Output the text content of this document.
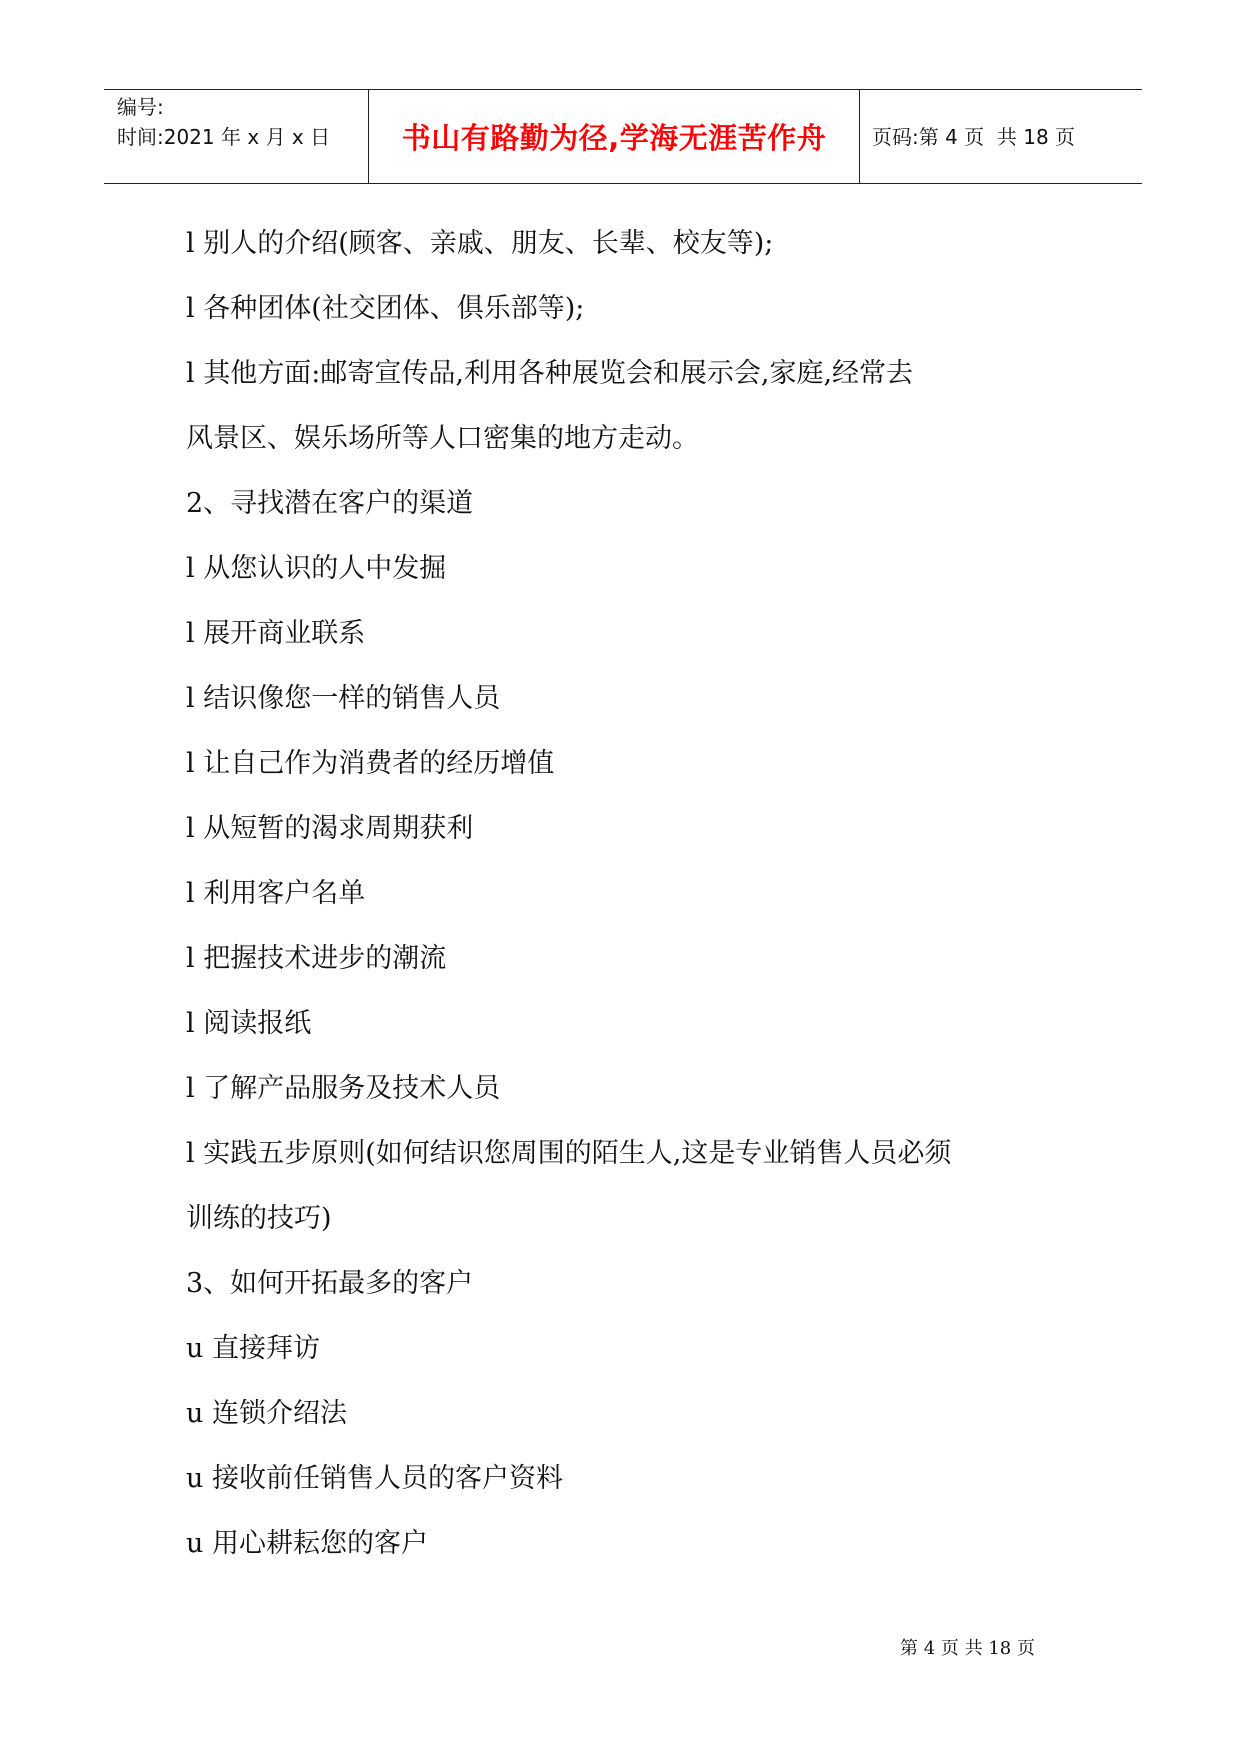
编号:
时间:2021 年 x 月 x 日	书山有路勤为径,学海无涯苦作舟	页码:第 4 页  共 18 页
l 别人的介绍(顾客、亲戚、朋友、长辈、校友等);
l 各种团体(社交团体、俱乐部等);
l 其他方面:邮寄宣传品,利用各种展览会和展示会,家庭,经常去
风景区、娱乐场所等人口密集的地方走动。
2、寻找潜在客户的渠道
l 从您认识的人中发掘
l 展开商业联系
l 结识像您一样的销售人员
l 让自己作为消费者的经历增值
l 从短暂的渴求周期获利
l 利用客户名单
l 把握技术进步的潮流
l 阅读报纸
l 了解产品服务及技术人员
l 实践五步原则(如何结识您周围的陌生人,这是专业销售人员必须
训练的技巧)
3、如何开拓最多的客户
u 直接拜访
u 连锁介绍法
u 接收前任销售人员的客户资料
u 用心耕耘您的客户
第 4 页 共 18 页
